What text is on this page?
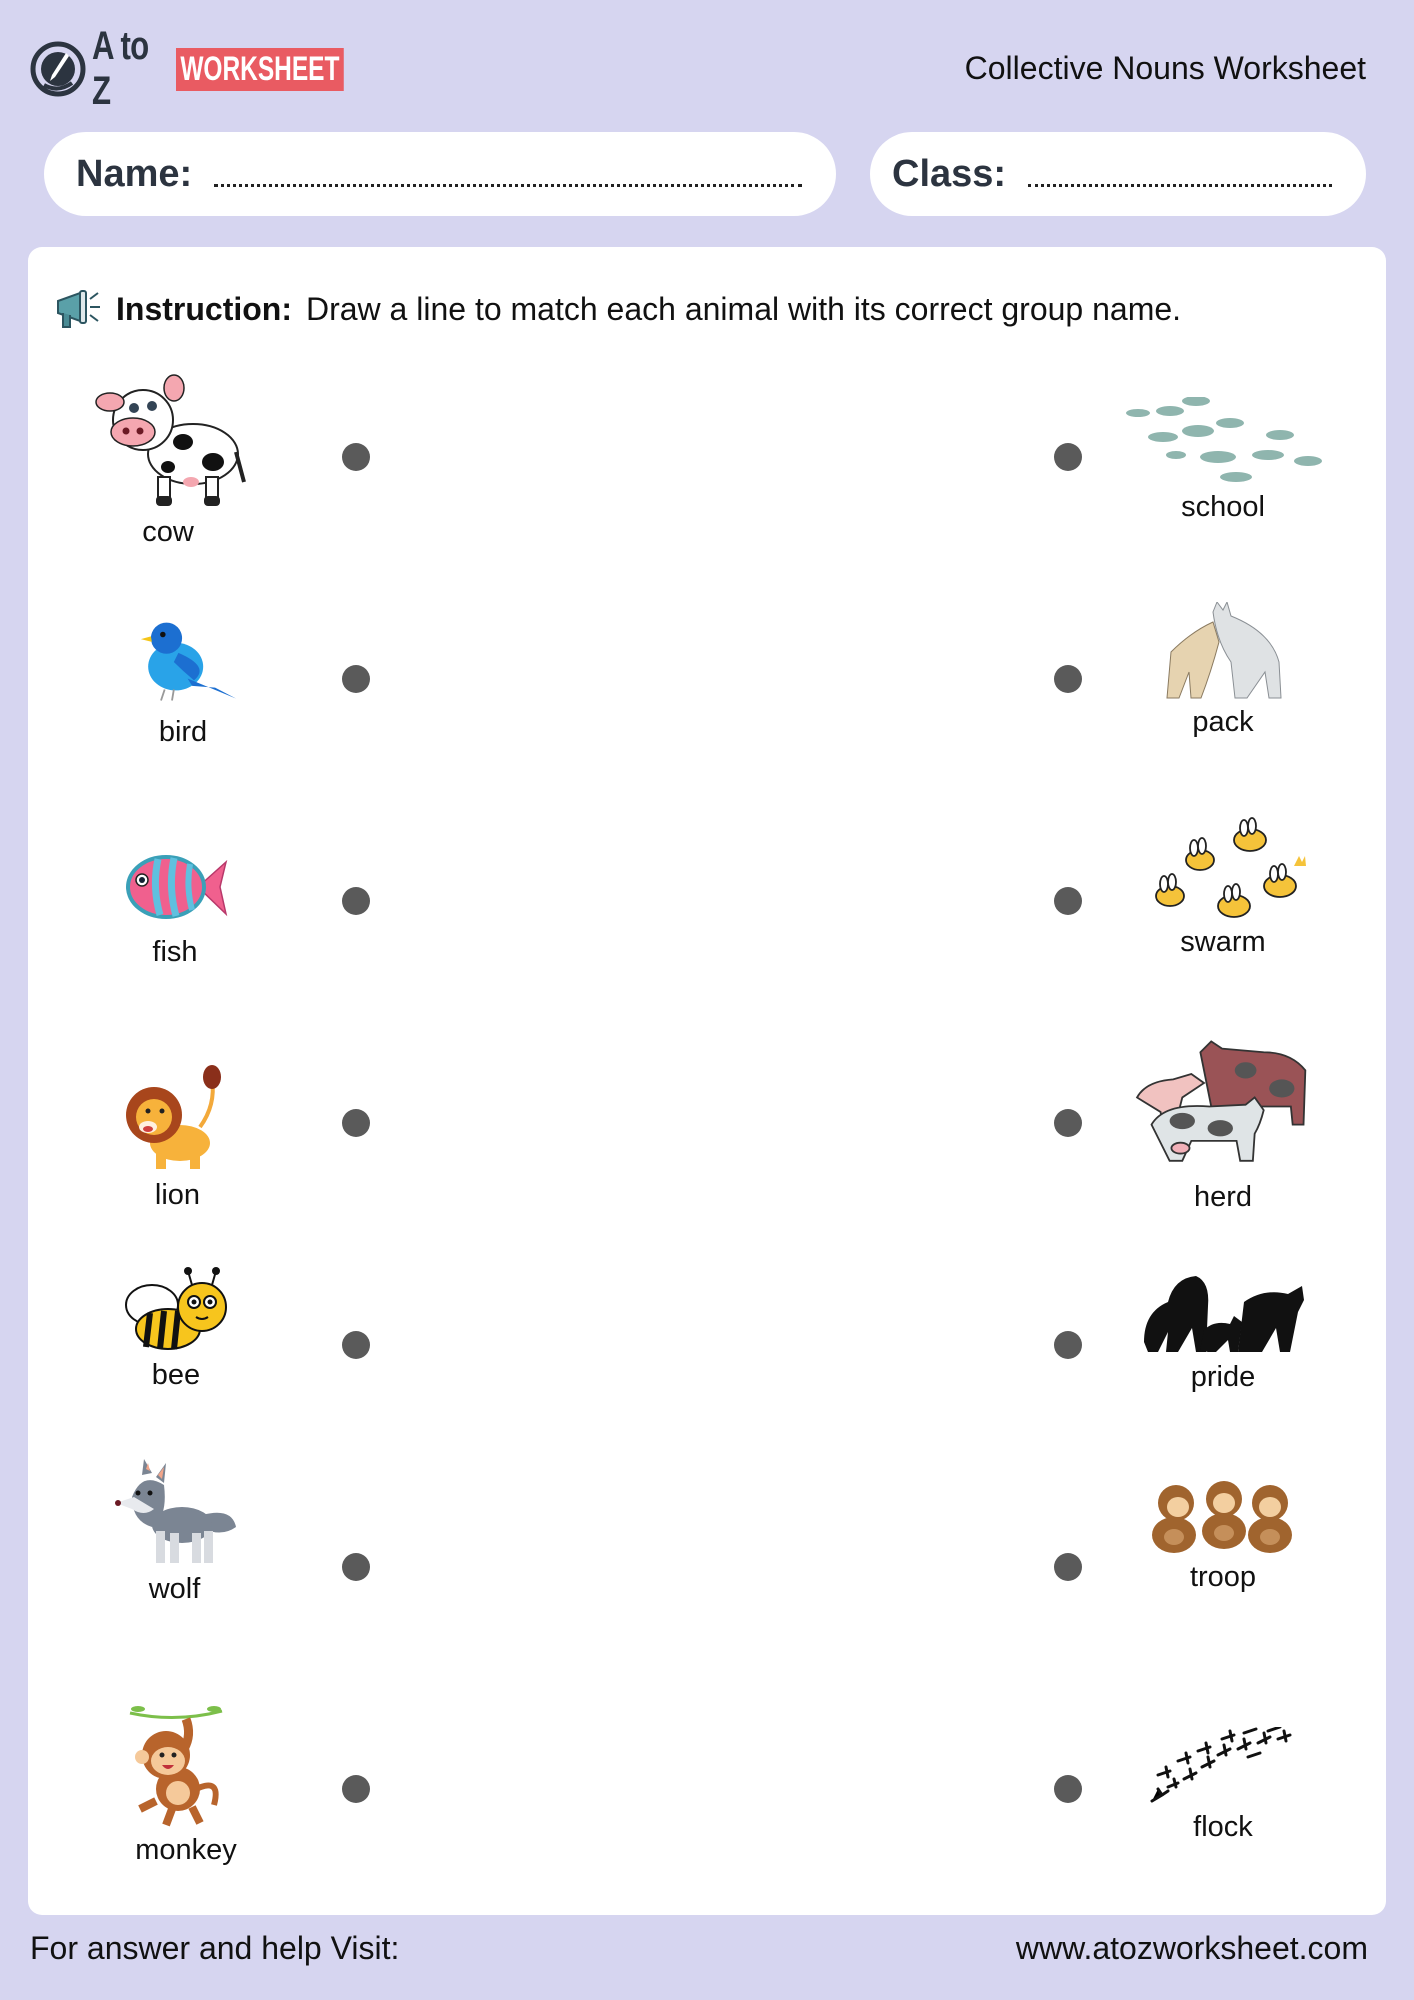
A to Z
WORKSHEET	Collective Nouns Worksheet
Name:	Class:
Instruction: Draw a line to match each animal with its correct group name.
cow
bird
fish
lion
bee
wolf
monkey
school
pack
swarm
herd
pride
troop
flock
For answer and help Visit:	www.atozworksheet.com
